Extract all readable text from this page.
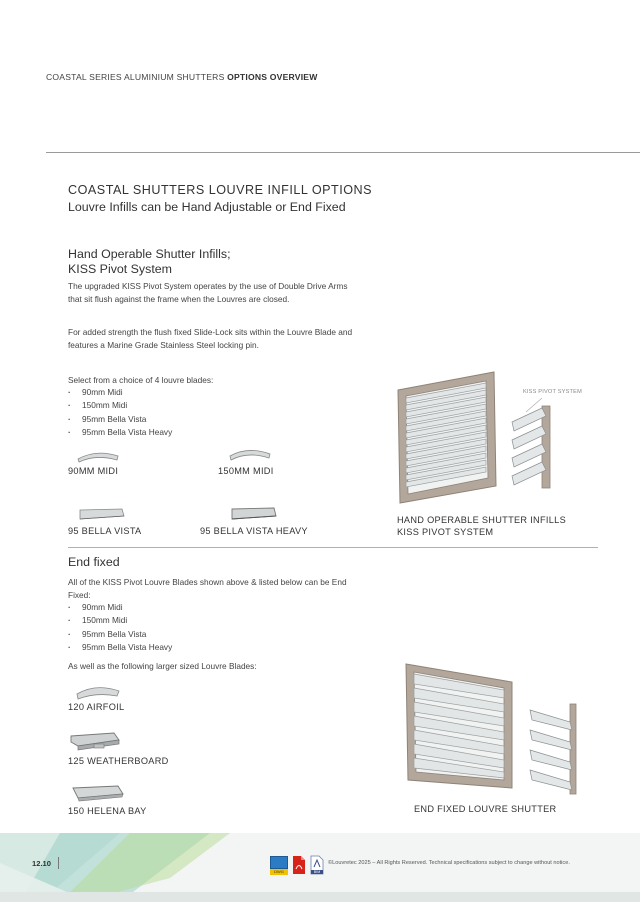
COASTAL SERIES ALUMINIUM SHUTTERS OPTIONS OVERVIEW
COASTAL SHUTTERS LOUVRE INFILL OPTIONS
Louvre Infills can be Hand Adjustable or End Fixed
Hand Operable Shutter Infills;
KISS Pivot System
The upgraded KISS Pivot System operates by the use of Double Drive Arms that sit flush against the frame when the Louvres are closed.
For added strength the flush fixed Slide-Lock sits within the Louvre Blade and features a Marine Grade Stainless Steel locking pin.
Select from a choice of 4 louvre blades:
· 90mm Midi
· 150mm Midi
· 95mm Bella Vista
· 95mm Bella Vista Heavy
90MM MIDI	150MM MIDI
95 BELLA VISTA	95 BELLA VISTA HEAVY
KISS PIVOT SYSTEM
HAND OPERABLE SHUTTER INFILLS
KISS PIVOT SYSTEM
End fixed
All of the KISS Pivot Louvre Blades shown above & listed below can be End Fixed:
· 90mm Midi
· 150mm Midi
· 95mm Bella Vista
· 95mm Bella Vista Heavy
As well as the following larger sized Louvre Blades:
120 AIRFOIL
125 WEATHERBOARD
150 HELENA BAY	END FIXED LOUVRE SHUTTER
12.10
DWG	BIM
©Louvretec 2025 – All Rights Reserved. Technical specifications subject to change without notice.
